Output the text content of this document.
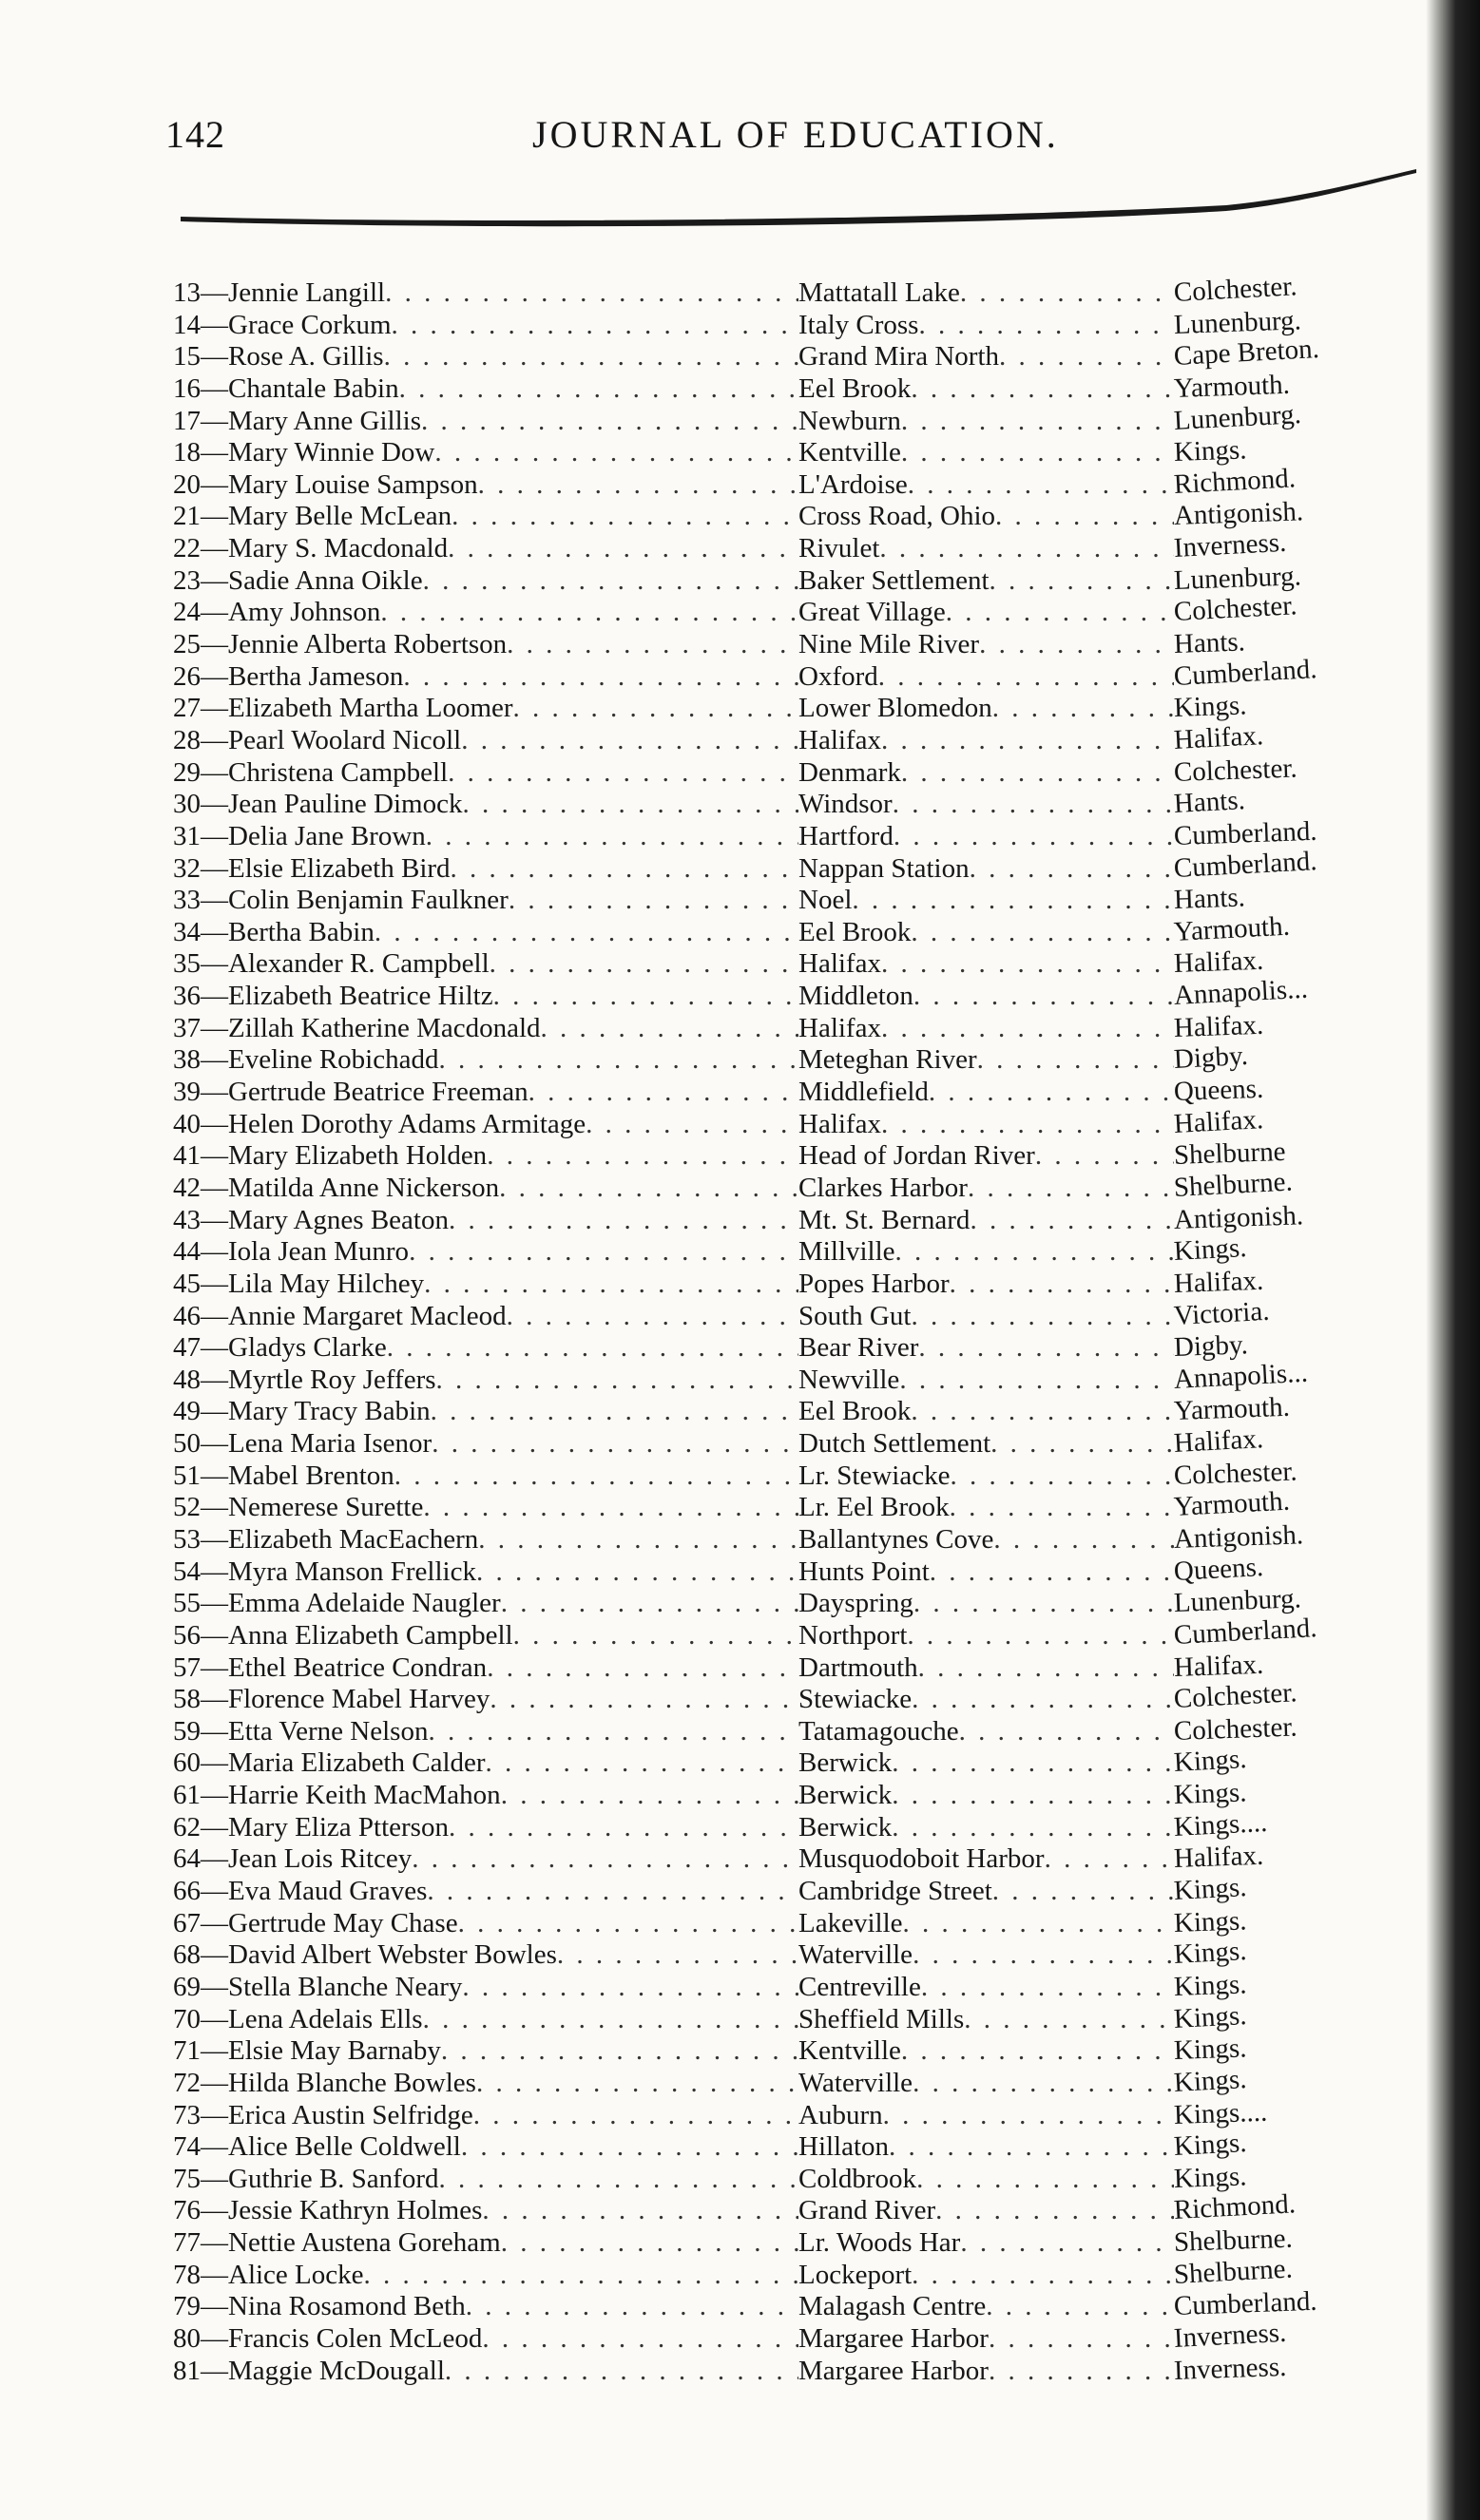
142	JOURNAL OF EDUCATION.
13 — Jennie Langill . . .	Mattatall Lake . . .	Colchester.
14 — Grace Corkum . . .	Italy Cross . . .	Lunenburg.
15 — Rose A. Gillis . . .	Grand Mira North . . .	Cape Breton.
16 — Chantale Babin . . .	Eel Brook . . .	Yarmouth.
17 — Mary Anne Gillis . . .	Newburn . . .	Lunenburg.
18 — Mary Winnie Dow . . .	Kentville . . .	Kings.
20 — Mary Louise Sampson . . .	L'Ardoise . . .	Richmond.
21 — Mary Belle McLean . . .	Cross Road, Ohio . . .	Antigonish.
22 — Mary S. Macdonald . . .	Rivulet . . .	Inverness.
23 — Sadie Anna Oikle . . .	Baker Settlement . . .	Lunenburg.
24 — Amy Johnson . . .	Great Village . . .	Colchester.
25 — Jennie Alberta Robertson . . .	Nine Mile River . . .	Hants.
26 — Bertha Jameson . . .	Oxford . . .	Cumberland.
27 — Elizabeth Martha Loomer . . .	Lower Blomedon . . .	Kings.
28 — Pearl Woolard Nicoll . . .	Halifax . . .	Halifax.
29 — Christena Campbell . . .	Denmark . . .	Colchester.
30 — Jean Pauline Dimock . . .	Windsor . . .	Hants.
31 — Delia Jane Brown . . .	Hartford . . .	Cumberland.
32 — Elsie Elizabeth Bird . . .	Nappan Station . . .	Cumberland.
33 — Colin Benjamin Faulkner . . .	Noel . . .	Hants.
34 — Bertha Babin . . .	Eel Brook . . .	Yarmouth.
35 — Alexander R. Campbell . . .	Halifax . . .	Halifax.
36 — Elizabeth Beatrice Hiltz . . .	Middleton . . .	Annapolis...
37 — Zillah Katherine Macdonald . . .	Halifax . . .	Halifax.
38 — Eveline Robichadd . . .	Meteghan River . . .	Digby.
39 — Gertrude Beatrice Freeman . . .	Middlefield . . .	Queens.
40 — Helen Dorothy Adams Armitage . . .	Halifax . . .	Halifax.
41 — Mary Elizabeth Holden . . .	Head of Jordan River . . .	Shelburne
42 — Matilda Anne Nickerson . . .	Clarkes Harbor . . .	Shelburne.
43 — Mary Agnes Beaton . . .	Mt. St. Bernard . . .	Antigonish.
44 — Iola Jean Munro . . .	Millville . . .	Kings.
45 — Lila May Hilchey . . .	Popes Harbor . . .	Halifax.
46 — Annie Margaret Macleod . . .	South Gut . . .	Victoria.
47 — Gladys Clarke . . .	Bear River . . .	Digby.
48 — Myrtle Roy Jeffers . . .	Newville . . .	Annapolis...
49 — Mary Tracy Babin . . .	Eel Brook . . .	Yarmouth.
50 — Lena Maria Isenor . . .	Dutch Settlement . . .	Halifax.
51 — Mabel Brenton . . .	Lr. Stewiacke . . .	Colchester.
52 — Nemerese Surette . . .	Lr. Eel Brook . . .	Yarmouth.
53 — Elizabeth MacEachern . . .	Ballantynes Cove . . .	Antigonish.
54 — Myra Manson Frellick . . .	Hunts Point . . .	Queens.
55 — Emma Adelaide Naugler . . .	Dayspring . . .	Lunenburg.
56 — Anna Elizabeth Campbell . . .	Northport . . .	Cumberland.
57 — Ethel Beatrice Condran . . .	Dartmouth . . .	Halifax.
58 — Florence Mabel Harvey . . .	Stewiacke . . .	Colchester.
59 — Etta Verne Nelson . . .	Tatamagouche . . .	Colchester.
60 — Maria Elizabeth Calder . . .	Berwick . . .	Kings.
61 — Harrie Keith MacMahon . . .	Berwick . . .	Kings.
62 — Mary Eliza Ptterson . . .	Berwick . . .	Kings....
64 — Jean Lois Ritcey . . .	Musquodoboit Harbor . . .	Halifax.
66 — Eva Maud Graves . . .	Cambridge Street . . .	Kings.
67 — Gertrude May Chase . . .	Lakeville . . .	Kings.
68 — David Albert Webster Bowles . . .	Waterville . . .	Kings.
69 — Stella Blanche Neary . . .	Centreville . . .	Kings.
70 — Lena Adelais Ells . . .	Sheffield Mills . . .	Kings.
71 — Elsie May Barnaby . . .	Kentville . . .	Kings.
72 — Hilda Blanche Bowles . . .	Waterville . . .	Kings.
73 — Erica Austin Selfridge . . .	Auburn . . .	Kings....
74 — Alice Belle Coldwell . . .	Hillaton . . .	Kings.
75 — Guthrie B. Sanford . . .	Coldbrook . . .	Kings.
76 — Jessie Kathryn Holmes . . .	Grand River . . .	Richmond.
77 — Nettie Austena Goreham . . .	Lr. Woods Har . . .	Shelburne.
78 — Alice Locke . . .	Lockeport . . .	Shelburne.
79 — Nina Rosamond Beth . . .	Malagash Centre . . .	Cumberland.
80 — Francis Colen McLeod . . .	Margaree Harbor . . .	Inverness.
81 — Maggie McDougall . . .	Margaree Harbor . . .	Inverness.
